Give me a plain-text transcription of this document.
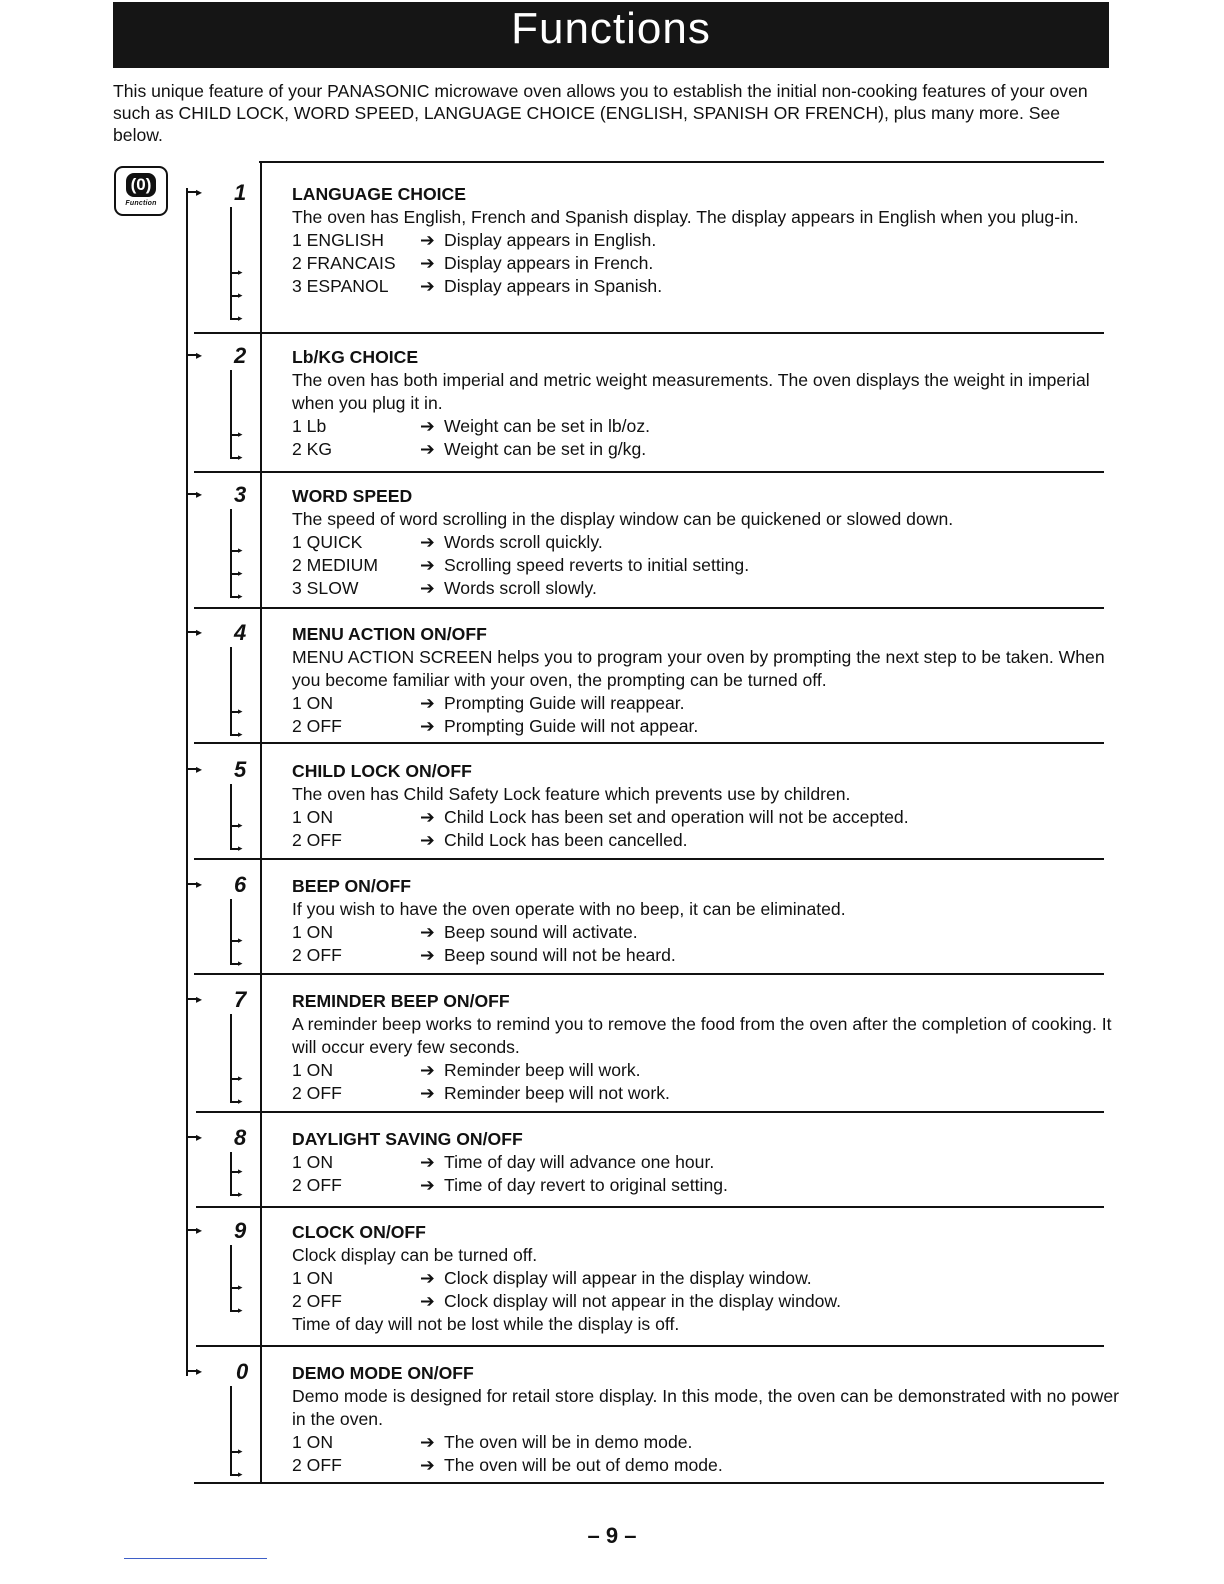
Functions
This unique feature of your PANASONIC microwave oven allows you to establish the initial non-cooking features of your oven such as CHILD LOCK, WORD SPEED, LANGUAGE CHOICE (ENGLISH, SPANISH OR FRENCH), plus many more. See below.
(0)
Function
▸ 1
▸
▸
▸
LANGUAGE CHOICE
The oven has English, French and Spanish display. The display appears in English when you plug-in.
1 ENGLISH	➔ Display appears in English.
2 FRANCAIS	➔ Display appears in French.
3 ESPANOL	➔ Display appears in Spanish.
▸ 2
▸
▸
Lb/KG CHOICE
The oven has both imperial and metric weight measurements. The oven displays the weight in imperial when you plug it in.
1 Lb	➔ Weight can be set in lb/oz.
2 KG	➔ Weight can be set in g/kg.
▸ 3
▸
▸
▸
WORD SPEED
The speed of word scrolling in the display window can be quickened or slowed down.
1 QUICK	➔ Words scroll quickly.
2 MEDIUM	➔ Scrolling speed reverts to initial setting.
3 SLOW	➔ Words scroll slowly.
▸ 4
▸
▸
MENU ACTION ON/OFF
MENU ACTION SCREEN helps you to program your oven by prompting the next step to be taken. When you become familiar with your oven, the prompting can be turned off.
1 ON	➔ Prompting Guide will reappear.
2 OFF	➔ Prompting Guide will not appear.
▸ 5
▸
▸
CHILD LOCK ON/OFF
The oven has Child Safety Lock feature which prevents use by children.
1 ON	➔ Child Lock has been set and operation will not be accepted.
2 OFF	➔ Child Lock has been cancelled.
▸ 6
▸
▸
BEEP ON/OFF
If you wish to have the oven operate with no beep, it can be eliminated.
1 ON	➔ Beep sound will activate.
2 OFF	➔ Beep sound will not be heard.
▸ 7
▸
▸
REMINDER BEEP ON/OFF
A reminder beep works to remind you to remove the food from the oven after the completion of cooking. It will occur every few seconds.
1 ON	➔ Reminder beep will work.
2 OFF	➔ Reminder beep will not work.
▸ 8
▸
▸
DAYLIGHT SAVING ON/OFF
1 ON	➔ Time of day will advance one hour.
2 OFF	➔ Time of day revert to original setting.
▸ 9
▸
▸
CLOCK ON/OFF
Clock display can be turned off.
1 ON	➔ Clock display will appear in the display window.
2 OFF	➔ Clock display will not appear in the display window.
Time of day will not be lost while the display is off.
▸ 0
▸
▸
DEMO MODE ON/OFF
Demo mode is designed for retail store display. In this mode, the oven can be demonstrated with no power in the oven.
1 ON	➔ The oven will be in demo mode.
2 OFF	➔ The oven will be out of demo mode.
– 9 –
